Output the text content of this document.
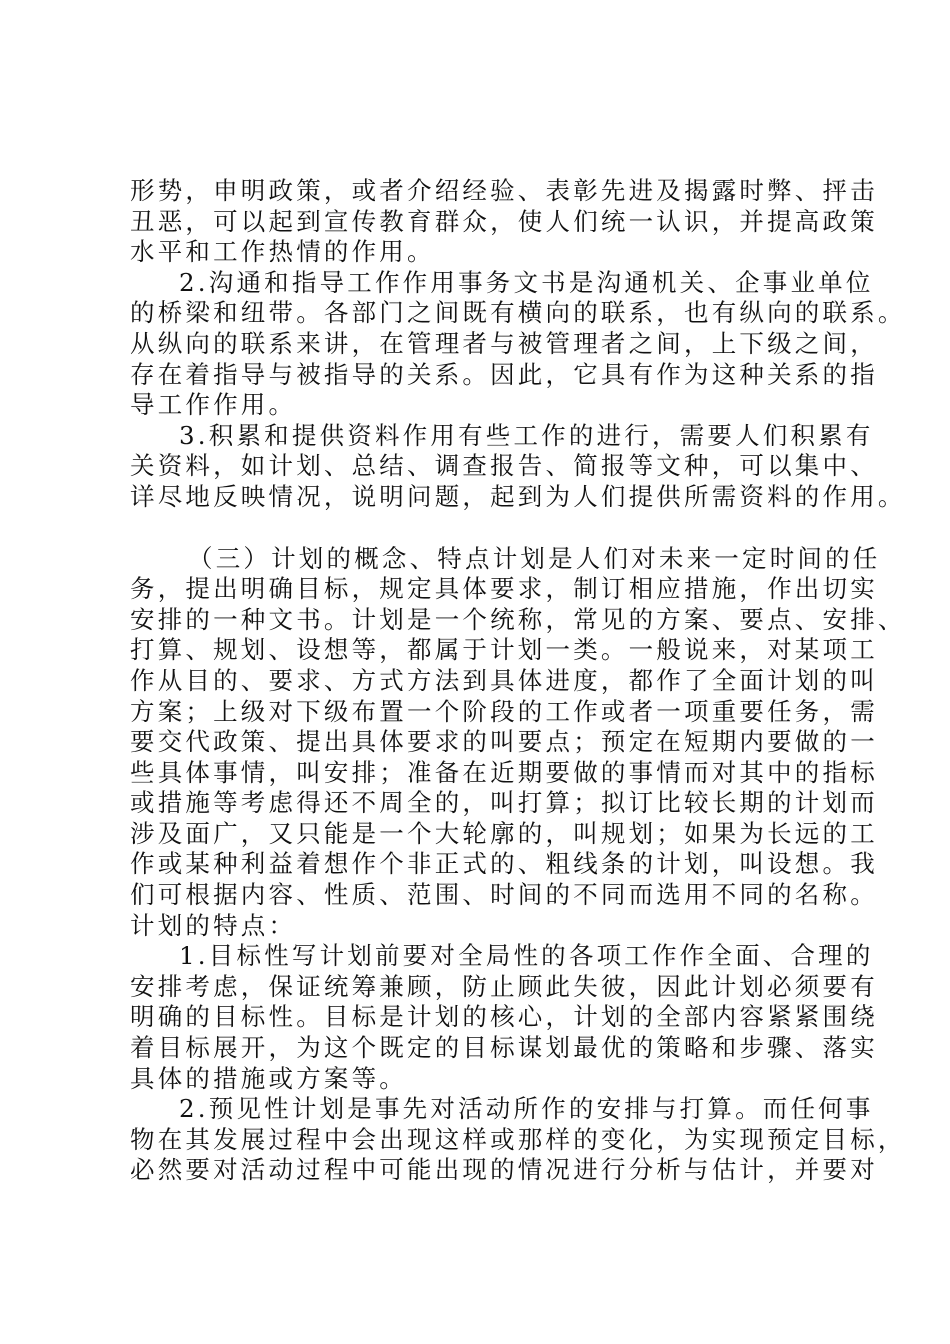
形势，申明政策，或者介绍经验、表彰先进及揭露时弊、抨击
丑恶，可以起到宣传教育群众，使人们统一认识，并提高政策
水平和工作热情的作用。
2.沟通和指导工作作用事务文书是沟通机关、企事业单位
的桥梁和纽带。各部门之间既有横向的联系，也有纵向的联系。
从纵向的联系来讲，在管理者与被管理者之间，上下级之间，
存在着指导与被指导的关系。因此，它具有作为这种关系的指
导工作作用。
3.积累和提供资料作用有些工作的进行，需要人们积累有
关资料，如计划、总结、调查报告、简报等文种，可以集中、
详尽地反映情况，说明问题，起到为人们提供所需资料的作用。
（三）计划的概念、特点计划是人们对未来一定时间的任
务，提出明确目标，规定具体要求，制订相应措施，作出切实
安排的一种文书。计划是一个统称，常见的方案、要点、安排、
打算、规划、设想等，都属于计划一类。一般说来，对某项工
作从目的、要求、方式方法到具体进度，都作了全面计划的叫
方案；上级对下级布置一个阶段的工作或者一项重要任务，需
要交代政策、提出具体要求的叫要点；预定在短期内要做的一
些具体事情，叫安排；准备在近期要做的事情而对其中的指标
或措施等考虑得还不周全的，叫打算；拟订比较长期的计划而
涉及面广，又只能是一个大轮廓的，叫规划；如果为长远的工
作或某种利益着想作个非正式的、粗线条的计划，叫设想。我
们可根据内容、性质、范围、时间的不同而选用不同的名称。
计划的特点：
1.目标性写计划前要对全局性的各项工作作全面、合理的
安排考虑，保证统筹兼顾，防止顾此失彼，因此计划必须要有
明确的目标性。目标是计划的核心，计划的全部内容紧紧围绕
着目标展开，为这个既定的目标谋划最优的策略和步骤、落实
具体的措施或方案等。
2.预见性计划是事先对活动所作的安排与打算。而任何事
物在其发展过程中会出现这样或那样的变化，为实现预定目标，
必然要对活动过程中可能出现的情况进行分析与估计，并要对
